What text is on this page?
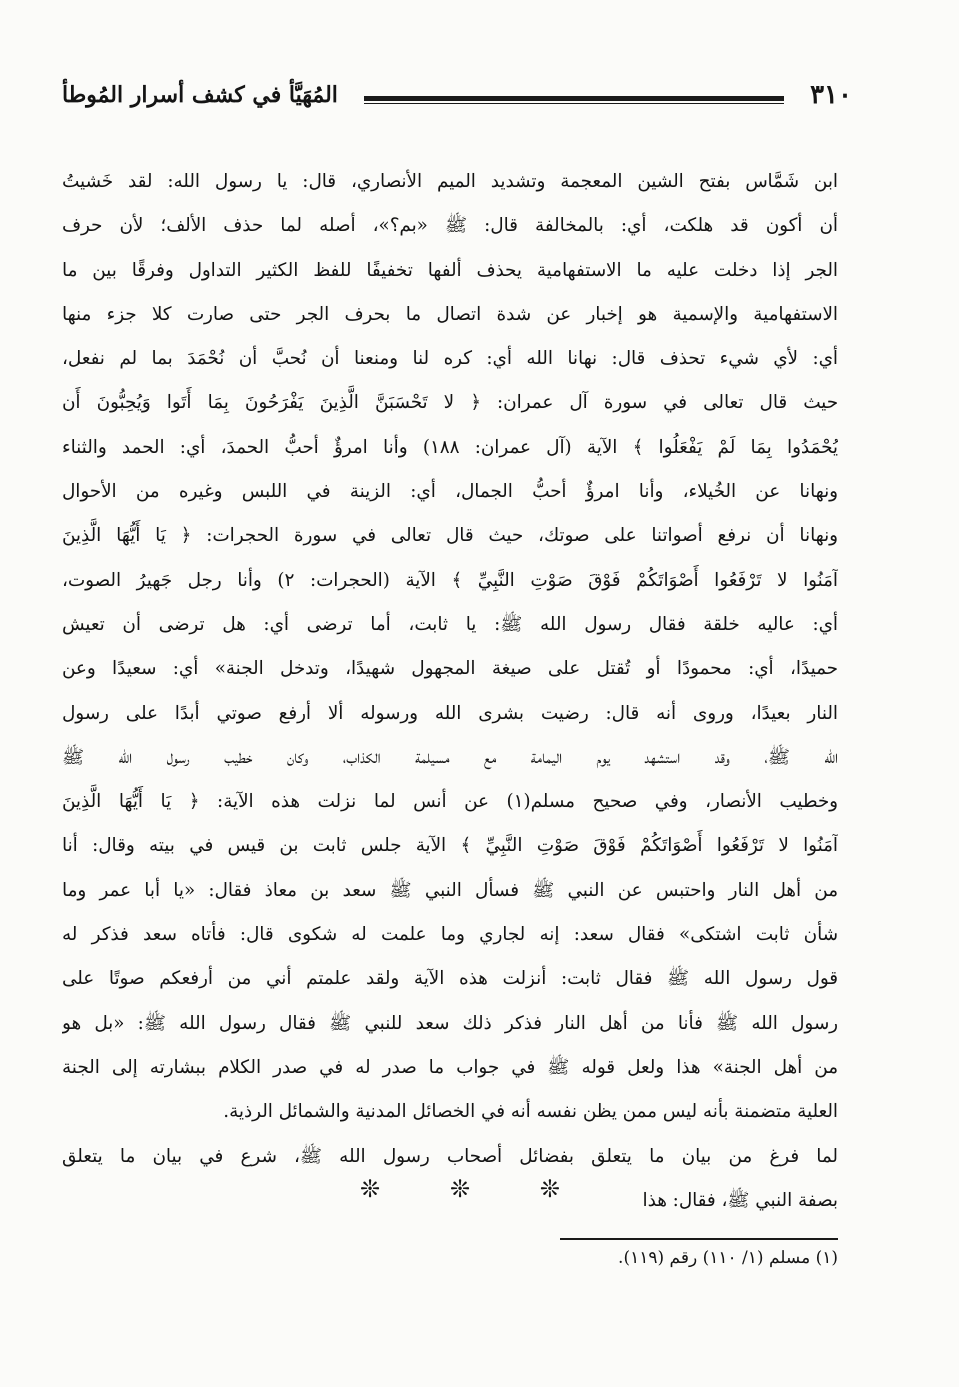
المُهَيَّأ في كشف أسرار المُوطأ	٣١٠
ابن شَمَّاس بفتح الشين المعجمة وتشديد الميم الأنصاري، قال: يا رسول الله: لقد خَشيتُ
أن أكون قد هلكت، أي: بالمخالفة قال: ﷺ «بم؟»، أصله لما حذف الألف؛ لأن حرف
الجر إذا دخلت عليه ما الاستفهامية يحذف ألفها تخفيفًا للفظ الكثير التداول وفرقًا بين ما
الاستفهامية والإسمية هو إخبار عن شدة اتصال ما بحرف الجر حتى صارت كلا جزء منها
أي: لأي شيء تحذف قال: نهانا الله أي: كره لنا ومنعنا أن نُحبَّ أن نُحْمَدَ بما لم نفعل،
حيث قال تعالى في سورة آل عمران: ﴿ لا تَحْسَبَنَّ الَّذِينَ يَفْرَحُونَ بِمَا أَتَوا وَيُحِبُّونَ أَن
يُحْمَدُوا بِمَا لَمْ يَفْعَلُوا ﴾ الآية (آل عمران: ١٨٨) وأنا امرؤٌ أحبُّ الحمدَ، أي: الحمد والثناء
ونهانا عن الخُيلاء، وأنا امرؤٌ أحبُّ الجمال، أي: الزينة في اللبس وغيره من الأحوال
ونهانا أن نرفع أصواتنا على صوتك، حيث قال تعالى في سورة الحجرات: ﴿ يَا أَيُّهَا الَّذِينَ
آمَنُوا لا تَرْفَعُوا أَصْوَاتَكُمْ فَوْقَ صَوْتِ النَّبِيِّ ﴾ الآية (الحجرات: ٢) وأنا رجل جَهيرُ الصوت،
أي: عاليه خلقة فقال رسول الله ﷺ: يا ثابت، أما ترضى أي: هل ترضى أن تعيش
حميدًا، أي: محمودًا أو تُقتل على صيغة المجهول شهيدًا، وتدخل الجنة» أي: سعيدًا وعن
النار بعيدًا، وروى أنه قال: رضيت بشرى الله ورسوله ألا أرفع صوتي أبدًا على رسول
الله ﷺ، وقد استشهد يوم اليمامة مع مسيلمة الكذاب، وكان خطيب رسول الله ﷺ
وخطيب الأنصار، وفي صحيح مسلم(١) عن أنس لما نزلت هذه الآية: ﴿ يَا أَيُّهَا الَّذِينَ
آمَنُوا لا تَرْفَعُوا أَصْوَاتَكُمْ فَوْقَ صَوْتِ النَّبِيِّ ﴾ الآية جلس ثابت بن قيس في بيته وقال: أنا
من أهل النار واحتبس عن النبي ﷺ فسأل النبي ﷺ سعد بن معاذ فقال: «يا أبا عمر وما
شأن ثابت اشتكى» فقال سعد: إنه لجاري وما علمت له شكوى قال: فأتاه سعد فذكر له
قول رسول الله ﷺ فقال ثابت: أنزلت هذه الآية ولقد علمتم أني من أرفعكم صوتًا على
رسول الله ﷺ فأنا من أهل النار فذكر ذلك سعد للنبي ﷺ فقال رسول الله ﷺ: «بل هو
من أهل الجنة» هذا ولعل قوله ﷺ في جواب ما صدر له في صدر الكلام ببشارته إلى الجنة
العلية متضمنة بأنه ليس ممن يظن نفسه أنه في الخصائل المدنية والشمائل الرذية.
لما فرغ من بيان ما يتعلق بفضائل أصحاب رسول الله ﷺ، شرع في بيان ما يتعلق
بصفة النبي ﷺ، فقال: هذا
❊	❊	❊
(١) مسلم (١/ ١١٠) رقم (١١٩).
